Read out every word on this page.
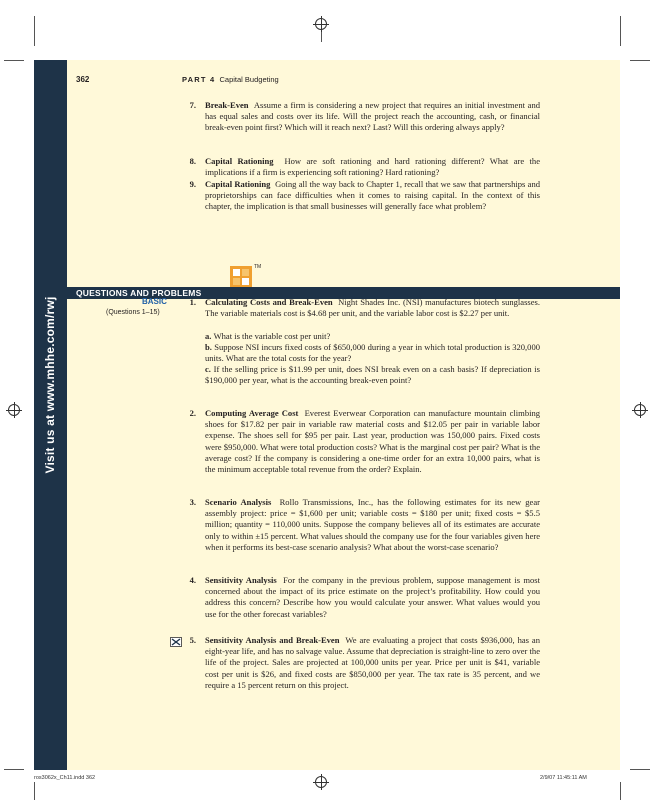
Visit us at www.mhhe.com/rwj
362	PART 4 Capital Budgeting
7. Break-Even Assume a firm is considering a new project that requires an initial investment and has equal sales and costs over its life. Will the project reach the accounting, cash, or financial break-even point first? Which will it reach next? Last? Will this ordering always apply?
8. Capital Rationing How are soft rationing and hard rationing different? What are the implications if a firm is experiencing soft rationing? Hard rationing?
9. Capital Rationing Going all the way back to Chapter 1, recall that we saw that partnerships and proprietorships can face difficulties when it comes to raising capital. In the context of this chapter, the implication is that small businesses will generally face what problem?
TM
QUESTIONS AND PROBLEMS
BASIC
(Questions 1–15)
1. Calculating Costs and Break-Even Night Shades Inc. (NSI) manufactures biotech sunglasses. The variable materials cost is $4.68 per unit, and the variable labor cost is $2.27 per unit.
a. What is the variable cost per unit?
b. Suppose NSI incurs fixed costs of $650,000 during a year in which total production is 320,000 units. What are the total costs for the year?
c. If the selling price is $11.99 per unit, does NSI break even on a cash basis? If depreciation is $190,000 per year, what is the accounting break-even point?
2. Computing Average Cost Everest Everwear Corporation can manufacture mountain climbing shoes for $17.82 per pair in variable raw material costs and $12.05 per pair in variable labor expense. The shoes sell for $95 per pair. Last year, production was 150,000 pairs. Fixed costs were $950,000. What were total production costs? What is the marginal cost per pair? What is the average cost? If the company is considering a one-time order for an extra 10,000 pairs, what is the minimum acceptable total revenue from the order? Explain.
3. Scenario Analysis Rollo Transmissions, Inc., has the following estimates for its new gear assembly project: price = $1,600 per unit; variable costs = $180 per unit; fixed costs = $5.5 million; quantity = 110,000 units. Suppose the company believes all of its estimates are accurate only to within ±15 percent. What values should the company use for the four variables given here when it performs its best-case scenario analysis? What about the worst-case scenario?
4. Sensitivity Analysis For the company in the previous problem, suppose management is most concerned about the impact of its price estimate on the project’s profitability. How could you address this concern? Describe how you would calculate your answer. What values would you use for the other forecast variables?
5. Sensitivity Analysis and Break-Even We are evaluating a project that costs $936,000, has an eight-year life, and has no salvage value. Assume that depreciation is straight-line to zero over the life of the project. Sales are projected at 100,000 units per year. Price per unit is $41, variable cost per unit is $26, and fixed costs are $850,000 per year. The tax rate is 35 percent, and we require a 15 percent return on this project.
ros3062x_Ch11.indd 362	2/9/07 11:45:11 AM
